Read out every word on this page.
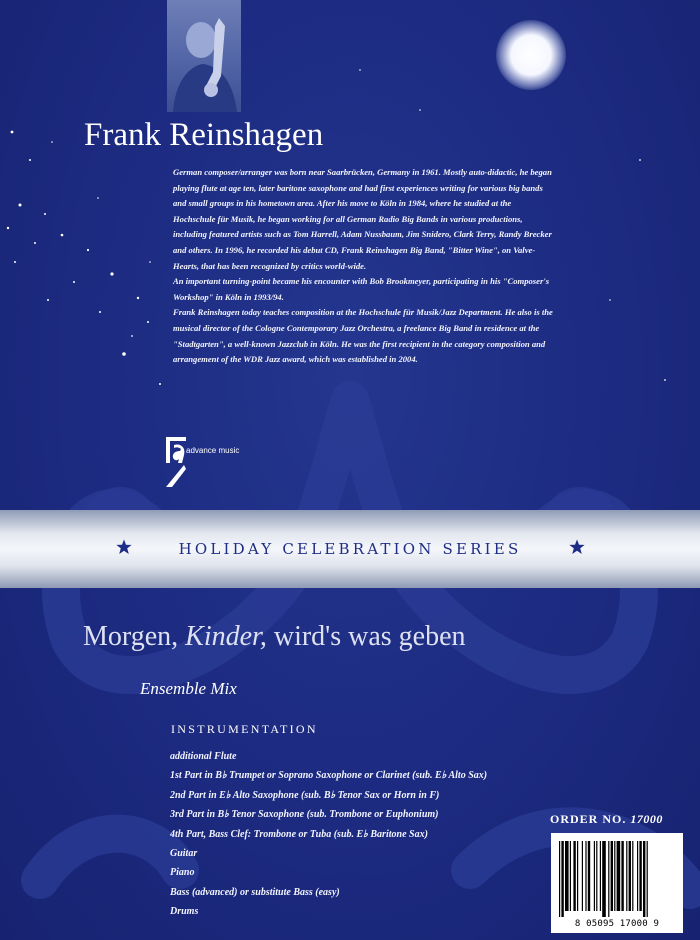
HOLIDAY CELEBRATION SERIES
Frank Reinshagen

German composer/arranger was born near Saarbrücken, Germany in 1961. Mostly auto-didactic, he began playing flute at age ten, later baritone saxophone and had first experiences writing for various big bands and small groups in his hometown area. After his move to Köln in 1984, where he studied at the Hochschule für Musik, he began working for all German Radio Big Bands in various productions, including featured artists such as Tom Harrell, Adam Nussbaum, Jim Snidero, Clark Terry, Randy Brecker and others. In 1996, he recorded his debut CD, Frank Reinshagen Big Band, "Bitter Wine", on Valve-Hearts, that has been recognized by critics world-wide.

An important turning-point became his encounter with Bob Brookmeyer, participating in his "Composer's Workshop" in Köln in 1993/94.

Frank Reinshagen today teaches composition at the Hochschule für Musik/Jazz Department. He also is the musical director of the Cologne Contemporary Jazz Orchestra, a freelance Big Band in residence at the "Stadtgarten", a well-known Jazzclub in Köln. He was the first recipient in the category composition and arrangement of the WDR Jazz award, which was established in 2004.

advance music
Morgen, Kinder, wird's was geben
Ensemble Mix
INSTRUMENTATION
additional Flute
1st Part in B♭ Trumpet or Soprano Saxophone or Clarinet (sub. E♭ Alto Sax)
2nd Part in E♭ Alto Saxophone (sub. B♭ Tenor Sax or Horn in F)
3rd Part in B♭ Tenor Saxophone (sub. Trombone or Euphonium)
4th Part, Bass Clef: Trombone or Tuba (sub. E♭ Baritone Sax)
Guitar
Piano
Bass (advanced) or substitute Bass (easy)
Drums
ORDER NO. 17000
8 05095 17000 9
